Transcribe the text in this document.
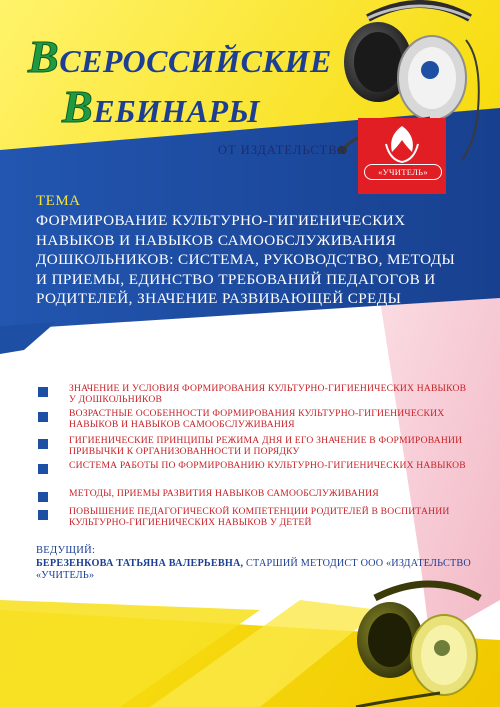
ВСЕРОССИЙСКИЕ
ВЕБИНАРЫ
ОТ ИЗДАТЕЛЬСТВА
«УЧИТЕЛЬ»
ТЕМА
ФОРМИРОВАНИЕ КУЛЬТУРНО-ГИГИЕНИЧЕСКИХ НАВЫКОВ И НАВЫКОВ САМООБСЛУЖИВАНИЯ ДОШКОЛЬНИКОВ: СИСТЕМА, РУКОВОДСТВО, МЕТОДЫ И ПРИЕМЫ, ЕДИНСТВО ТРЕБОВАНИЙ ПЕДАГОГОВ И РОДИТЕЛЕЙ, ЗНАЧЕНИЕ РАЗВИВАЮЩЕЙ СРЕДЫ
ЗНАЧЕНИЕ И УСЛОВИЯ ФОРМИРОВАНИЯ КУЛЬТУРНО-ГИГИЕНИЧЕСКИХ НАВЫКОВ У ДОШКОЛЬНИКОВ
ВОЗРАСТНЫЕ ОСОБЕННОСТИ ФОРМИРОВАНИЯ КУЛЬТУРНО-ГИГИЕНИЧЕСКИХ НАВЫКОВ И НАВЫКОВ САМООБСЛУЖИВАНИЯ
ГИГИЕНИЧЕСКИЕ ПРИНЦИПЫ РЕЖИМА ДНЯ И ЕГО ЗНАЧЕНИЕ В ФОРМИРОВАНИИ ПРИВЫЧКИ К ОРГАНИЗОВАННОСТИ И ПОРЯДКУ
СИСТЕМА РАБОТЫ ПО ФОРМИРОВАНИЮ КУЛЬТУРНО-ГИГИЕНИЧЕСКИХ НАВЫКОВ
МЕТОДЫ, ПРИЕМЫ РАЗВИТИЯ НАВЫКОВ САМООБСЛУЖИВАНИЯ
ПОВЫШЕНИЕ ПЕДАГОГИЧЕСКОЙ КОМПЕТЕНЦИИ РОДИТЕЛЕЙ В ВОСПИТАНИИ КУЛЬТУРНО-ГИГИЕНИЧЕСКИХ НАВЫКОВ У ДЕТЕЙ
ВЕДУЩИЙ:
БЕРЕЗЕНКОВА ТАТЬЯНА ВАЛЕРЬЕВНА, СТАРШИЙ МЕТОДИСТ ООО «ИЗДАТЕЛЬСТВО «УЧИТЕЛЬ»
